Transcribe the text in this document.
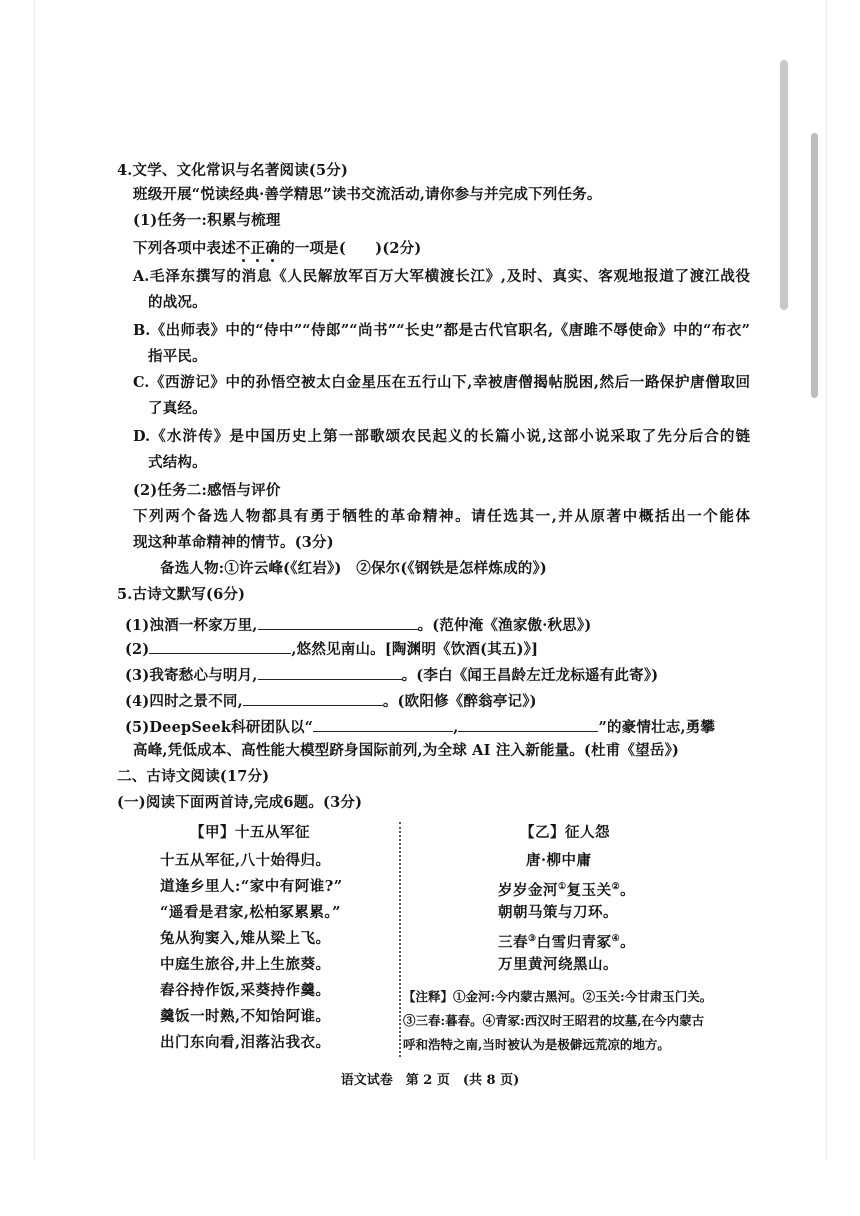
4.文学、文化常识与名著阅读(5分)
班级开展“悦读经典·善学精思”读书交流活动,请你参与并完成下列任务。
(1)任务一:积累与梳理
下列各项中表述不正确的一项是(　　)(2分)
A.毛泽东撰写的消息《人民解放军百万大军横渡长江》,及时、真实、客观地报道了渡江战役
的战况。
B.《出师表》中的“侍中”“侍郎”“尚书”“长史”都是古代官职名,《唐雎不辱使命》中的“布衣”
指平民。
C.《西游记》中的孙悟空被太白金星压在五行山下,幸被唐僧揭帖脱困,然后一路保护唐僧取回
了真经。
D.《水浒传》是中国历史上第一部歌颂农民起义的长篇小说,这部小说采取了先分后合的链
式结构。
(2)任务二:感悟与评价
下列两个备选人物都具有勇于牺牲的革命精神。请任选其一,并从原著中概括出一个能体
现这种革命精神的情节。(3分)
备选人物:①许云峰(《红岩》)　②保尔(《钢铁是怎样炼成的》)
5.古诗文默写(6分)
(1)浊酒一杯家万里,	。(范仲淹《渔家傲·秋思》)
(2)	,悠然见南山。[陶渊明《饮酒(其五)》]
(3)我寄愁心与明月,	。(李白《闻王昌龄左迁龙标遥有此寄》)
(4)四时之景不同,	。(欧阳修《醉翁亭记》)
(5)DeepSeek科研团队以“	,	”的豪情壮志,勇攀
高峰,凭低成本、高性能大模型跻身国际前列,为全球 AI 注入新能量。(杜甫《望岳》)
二、古诗文阅读(17分)
(一)阅读下面两首诗,完成6题。(3分)
【甲】十五从军征
十五从军征,八十始得归。
道逢乡里人:“家中有阿谁?”
“遥看是君家,松柏冢累累。”
兔从狗窦入,雉从梁上飞。
中庭生旅谷,井上生旅葵。
舂谷持作饭,采葵持作羹。
羹饭一时熟,不知饴阿谁。
出门东向看,泪落沾我衣。
【乙】征人怨
唐·柳中庸
岁岁金河①复玉关②。
朝朝马策与刀环。
三春③白雪归青冢④。
万里黄河绕黑山。
【注释】①金河:今内蒙古黑河。②玉关:今甘肃玉门关。
③三春:暮春。④青冢:西汉时王昭君的坟墓,在今内蒙古
呼和浩特之南,当时被认为是极僻远荒凉的地方。
语文试卷　第 2 页　(共 8 页)
